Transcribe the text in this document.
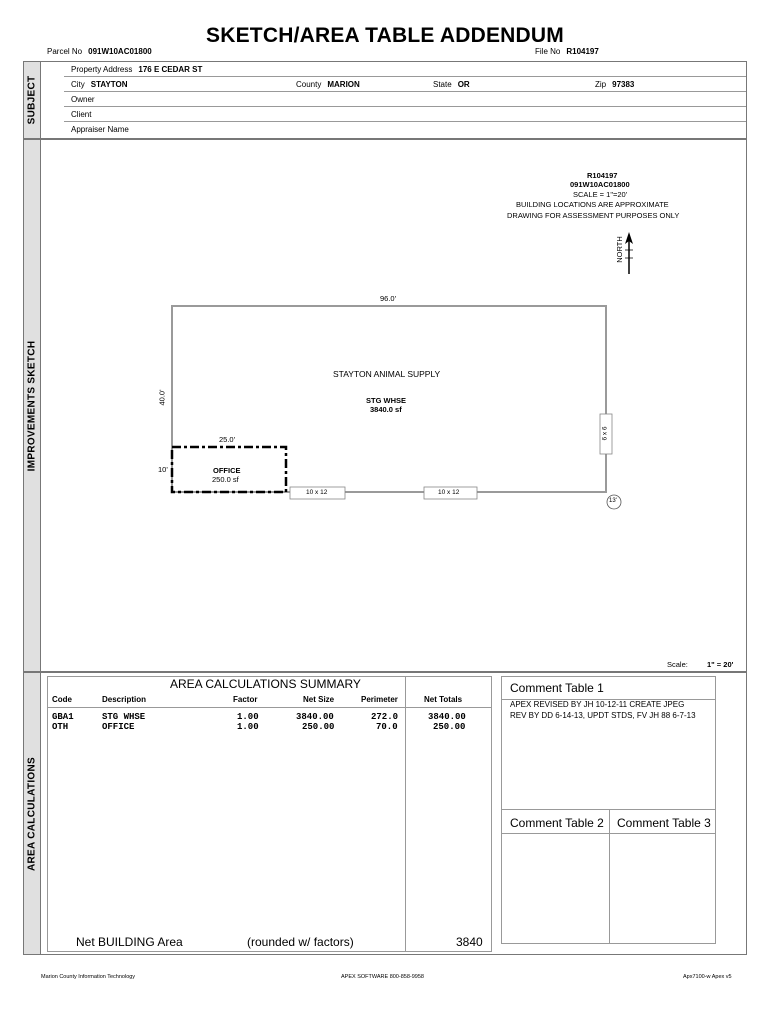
SKETCH/AREA TABLE ADDENDUM
Parcel No 091W10AC01800	File No R104197
SUBJECT
Property Address 176 E CEDAR ST
City STAYTON	County MARION	State OR	Zip 97383
Owner
Client
Appraiser Name
IMPROVEMENTS SKETCH
R104197
091W10AC01800
SCALE = 1"=20'
BUILDING LOCATIONS ARE APPROXIMATE
DRAWING FOR ASSESSMENT PURPOSES ONLY
NORTH
96.0'
40.0'
STAYTON ANIMAL SUPPLY
STG WHSE
3840.0 sf
25.0'
10'	OFFICE
250.0 sf
10 x 12	10 x 12
6 x 6
13'
Scale:	1" = 20'
AREA CALCULATIONS
AREA CALCULATIONS SUMMARY
Code	Description	Factor	Net Size	Perimeter	Net Totals
GBA1	STG WHSE	1.00	3840.00	272.0	3840.00
OTH	OFFICE	1.00	250.00	70.0	250.00
Net BUILDING Area	(rounded w/ factors)	3840
Comment Table 1
APEX REVISED BY JH 10-12-11 CREATE JPEG
REV BY DD 6-14-13, UPDT STDS, FV JH 88 6-7-13
Comment Table 2 Comment Table 3
Marion County Information Technology	APEX SOFTWARE 800-858-9958	Apx7100-w Apex v5
